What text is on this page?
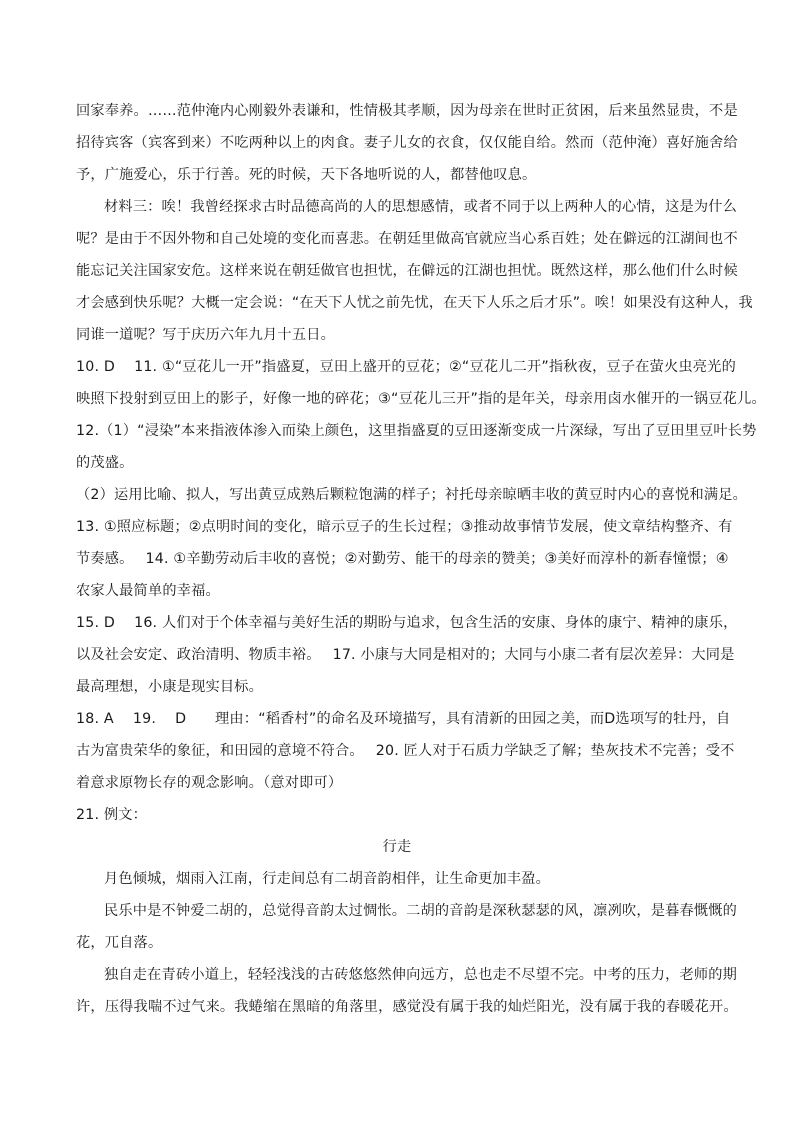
回家奉养。……范仲淹内心刚毅外表谦和，性情极其孝顺，因为母亲在世时正贫困，后来虽然显贵，不是
招待宾客（宾客到来）不吃两种以上的肉食。妻子儿女的衣食，仅仅能自给。然而（范仲淹）喜好施舍给
予，广施爱心，乐于行善。死的时候，天下各地听说的人，都替他叹息。
材料三：唉！我曾经探求古时品德高尚的人的思想感情，或者不同于以上两种人的心情，这是为什么
呢？是由于不因外物和自己处境的变化而喜悲。在朝廷里做高官就应当心系百姓；处在僻远的江湖间也不
能忘记关注国家安危。这样来说在朝廷做官也担忧，在僻远的江湖也担忧。既然这样，那么他们什么时候
才会感到快乐呢？大概一定会说：“在天下人忧之前先忧，在天下人乐之后才乐”。唉！如果没有这种人，我
同谁一道呢？写于庆历六年九月十五日。
10. D　 11. ①“豆花儿一开”指盛夏，豆田上盛开的豆花；②“豆花儿二开”指秋夜，豆子在萤火虫亮光的
映照下投射到豆田上的影子，好像一地的碎花；③“豆花儿三开”指的是年关，母亲用卤水催开的一锅豆花儿。
12.（1）“浸染”本来指液体渗入而染上颜色，这里指盛夏的豆田逐渐变成一片深绿，写出了豆田里豆叶长势
的茂盛。
（2）运用比喻、拟人，写出黄豆成熟后颗粒饱满的样子；衬托母亲晾晒丰收的黄豆时内心的喜悦和满足。
13. ①照应标题；②点明时间的变化，暗示豆子的生长过程；③推动故事情节发展，使文章结构整齐、有
节奏感。　 14. ①辛勤劳动后丰收的喜悦；②对勤劳、能干的母亲的赞美；③美好而淳朴的新春憧憬；④
农家人最简单的幸福。
15. D　 16. 人们对于个体幸福与美好生活的期盼与追求，包含生活的安康、身体的康宁、精神的康乐，
以及社会安定、政治清明、物质丰裕。　 17. 小康与大同是相对的；大同与小康二者有层次差异：大同是
最高理想，小康是现实目标。
18. A　 19.　 D　　理由：“稻香村”的命名及环境描写，具有清新的田园之美，而D选项写的牡丹，自
古为富贵荣华的象征，和田园的意境不符合。　 20. 匠人对于石质力学缺乏了解；垫灰技术不完善；受不
着意求原物长存的观念影响。（意对即可）
21. 例文：
行走
月色倾城，烟雨入江南，行走间总有二胡音韵相伴，让生命更加丰盈。
民乐中是不钟爱二胡的，总觉得音韵太过惆怅。二胡的音韵是深秋瑟瑟的风，凛冽吹，是暮春慨慨的
花，兀自落。
独自走在青砖小道上，轻轻浅浅的古砖悠悠然伸向远方，总也走不尽望不完。中考的压力，老师的期
许，压得我喘不过气来。我蜷缩在黑暗的角落里，感觉没有属于我的灿烂阳光，没有属于我的春暖花开。
